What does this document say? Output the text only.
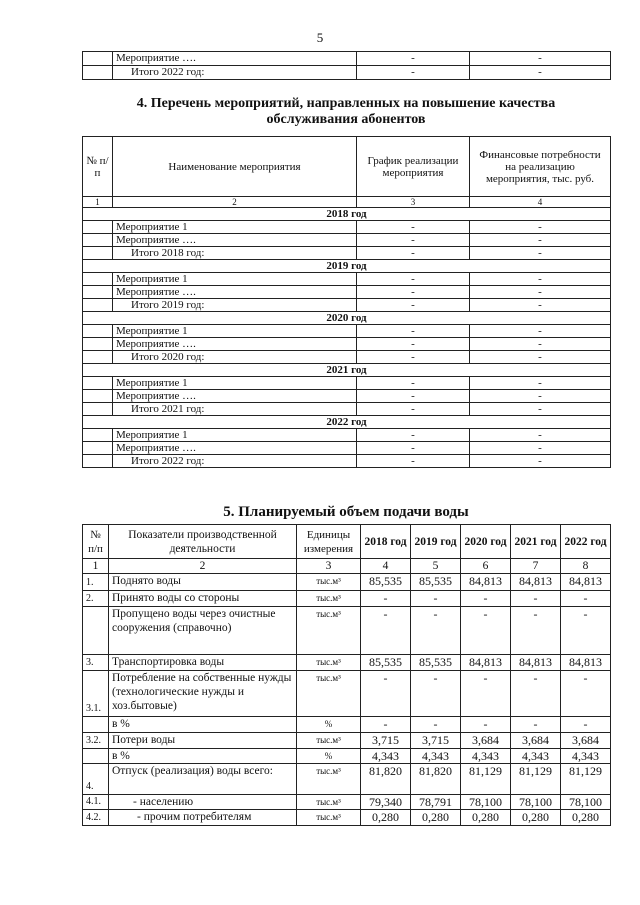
5
	Мероприятие ….	-	-
	Итого 2022 год:	-	-
4. Перечень мероприятий, направленных на повышение качества
обслуживания абонентов
№ п/п	Наименование мероприятия	График реализации мероприятия	Финансовые потребности на реализацию мероприятия, тыс. руб.
1	2	3	4
2018 год			
	Мероприятие 1	-	-
	Мероприятие ….	-	-
	Итого 2018 год:	-	-
2019 год			
	Мероприятие 1	-	-
	Мероприятие ….	-	-
	Итого 2019 год:	-	-
2020 год			
	Мероприятие 1	-	-
	Мероприятие ….	-	-
	Итого 2020 год:	-	-
2021 год			
	Мероприятие 1	-	-
	Мероприятие ….	-	-
	Итого 2021 год:	-	-
2022 год			
	Мероприятие 1	-	-
	Мероприятие ….	-	-
	Итого 2022 год:	-	-
5. Планируемый объем подачи воды
№ п/п	Показатели производственной деятельности	Единицы измерения	2018 год	2019 год	2020 год	2021 год	2022 год
1	2	3	4	5	6	7	8
1.	Поднято воды	тыс.м³	85,535	85,535	84,813	84,813	84,813
2.	Принято воды со стороны	тыс.м³	-	-	-	-	-
	Пропущено воды через очистные сооружения (справочно)	тыс.м³	-	-	-	-	-
3.	Транспортировка воды	тыс.м³	85,535	85,535	84,813	84,813	84,813
3.1.	Потребление на собственные нужды (технологические нужды и хоз.бытовые)	тыс.м³	-	-	-	-	-
	в %	%	-	-	-	-	-
3.2.	Потери воды	тыс.м³	3,715	3,715	3,684	3,684	3,684
	в %	%	4,343	4,343	4,343	4,343	4,343
4.	Отпуск (реализация) воды всего:	тыс.м³	81,820	81,820	81,129	81,129	81,129
4.1.	- населению	тыс.м³	79,340	78,791	78,100	78,100	78,100
4.2.	- прочим потребителям	тыс.м³	0,280	0,280	0,280	0,280	0,280
